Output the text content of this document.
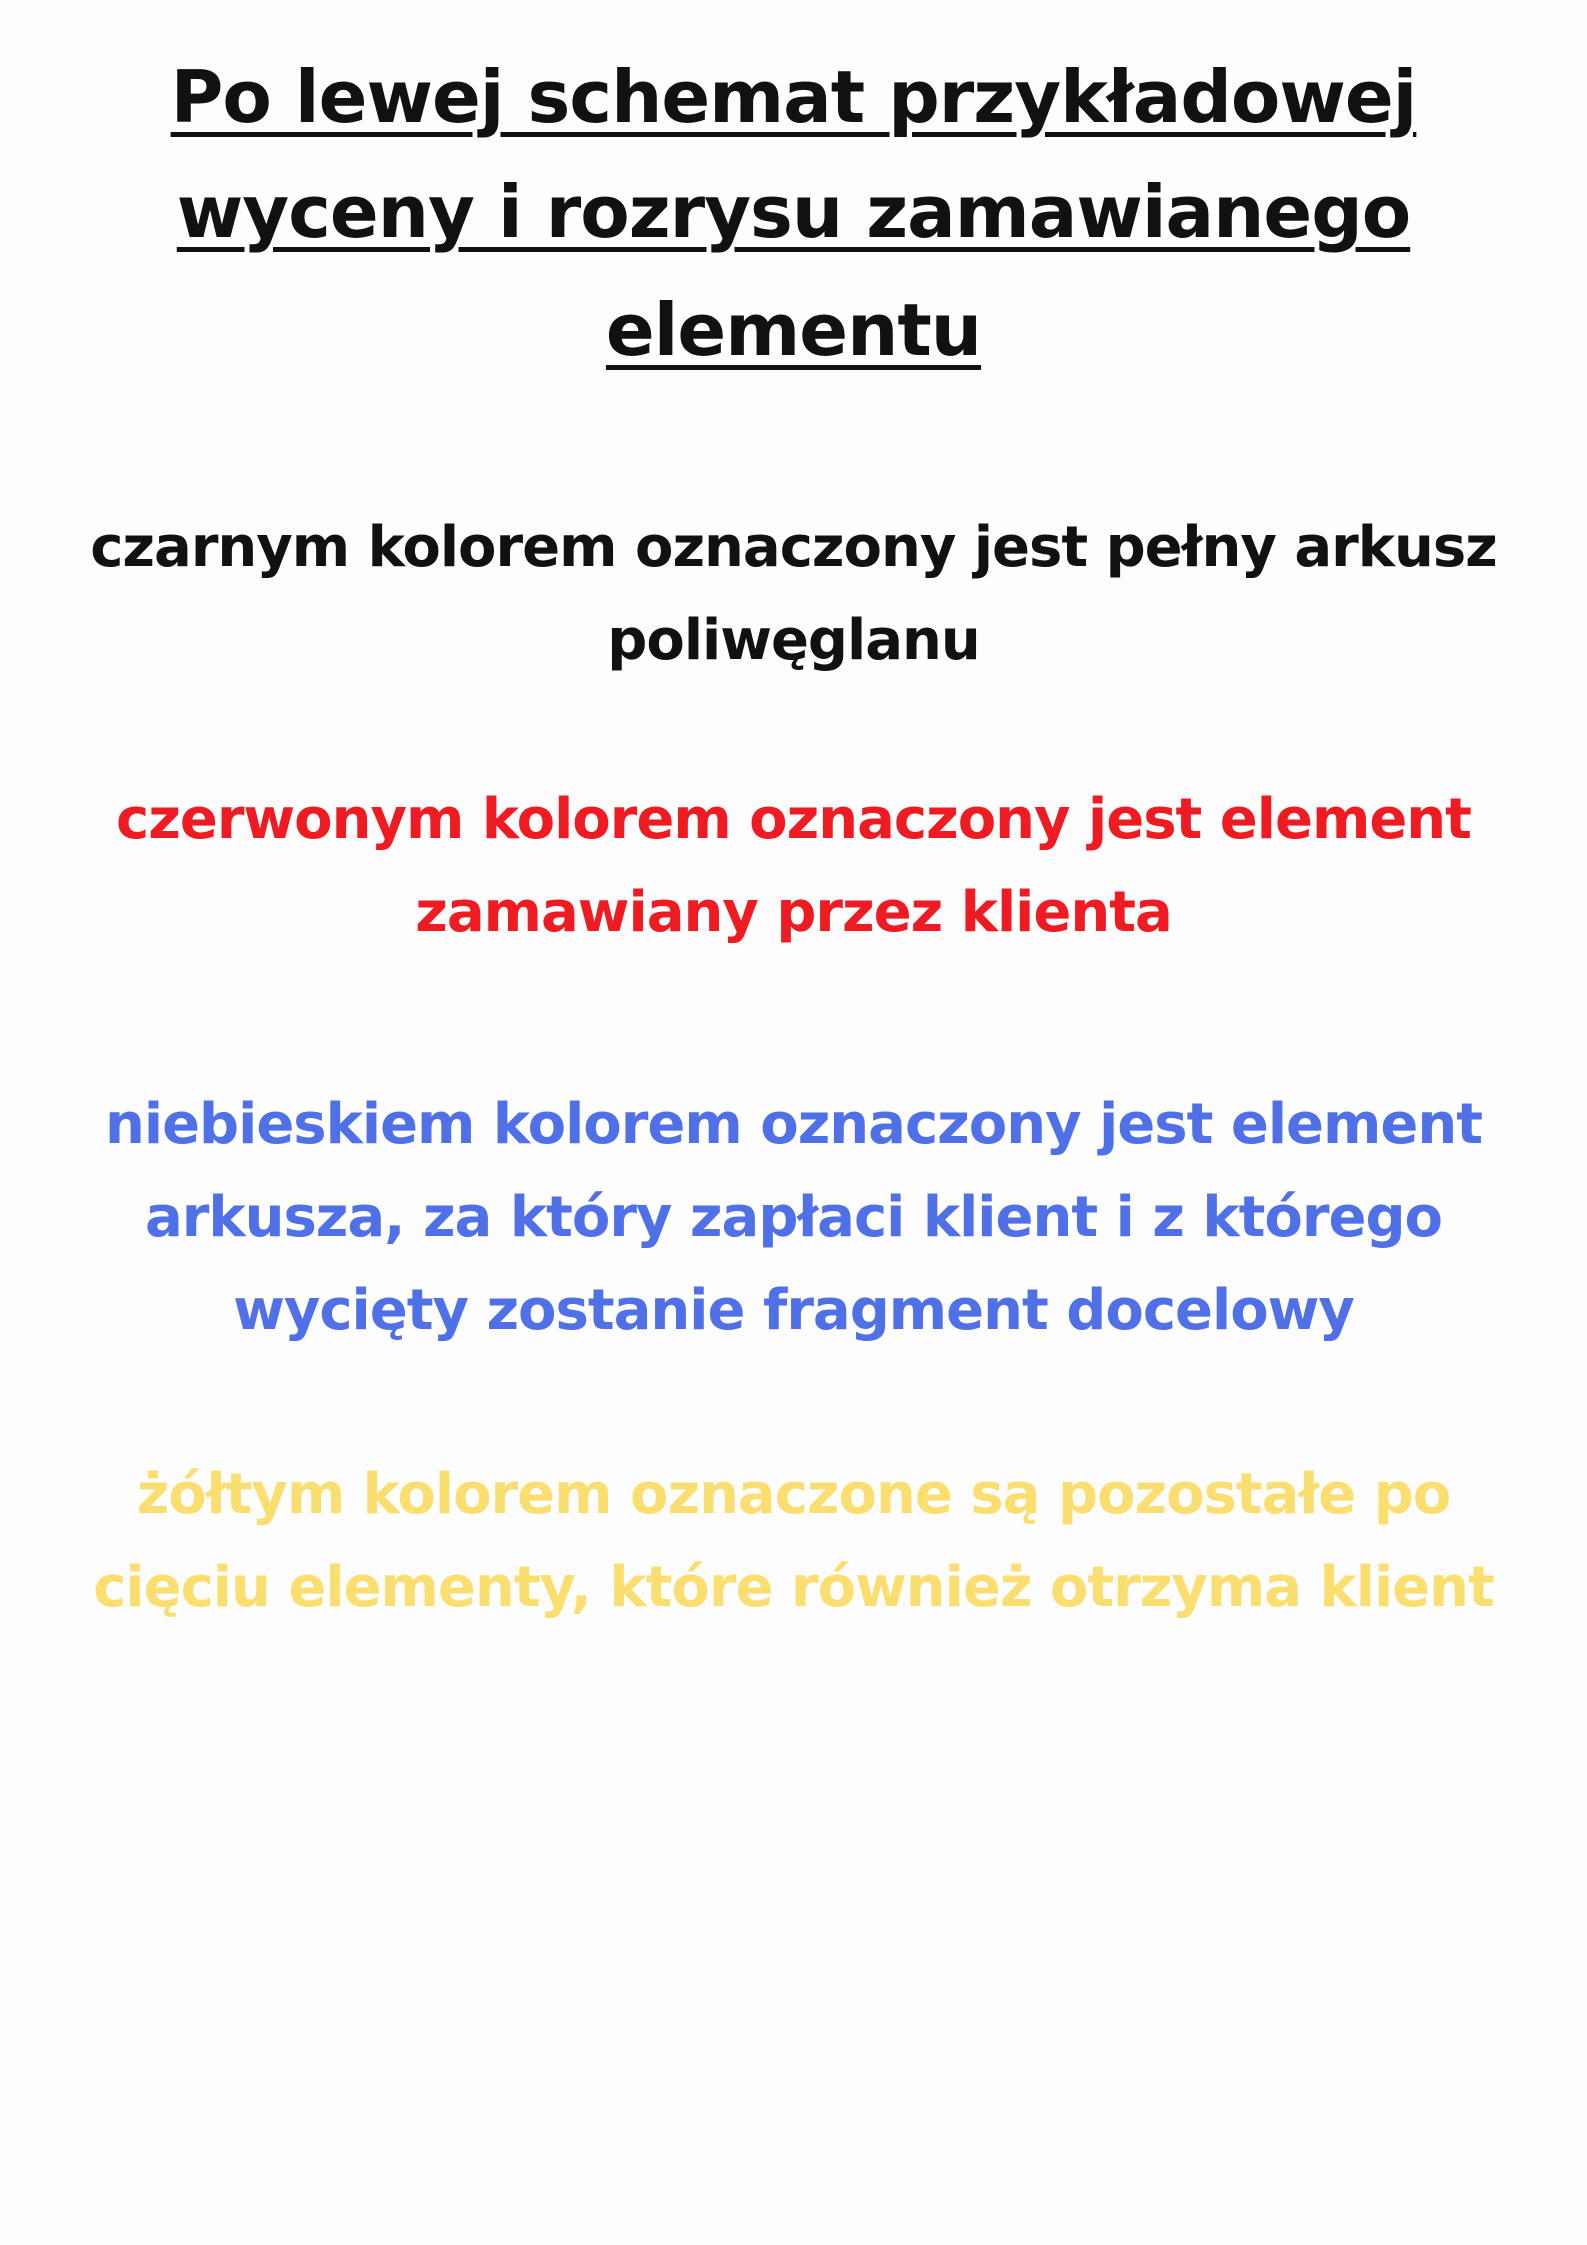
Po lewej schemat przykładowej
wyceny i rozrysu zamawianego
elementu
czarnym kolorem oznaczony jest pełny arkusz
poliwęglanu
czerwonym kolorem oznaczony jest element
zamawiany przez klienta
niebieskiem kolorem oznaczony jest element
arkusza, za który zapłaci klient i z którego
wycięty zostanie fragment docelowy
żółtym kolorem oznaczone są pozostałe po
cięciu elementy, które również otrzyma klient
